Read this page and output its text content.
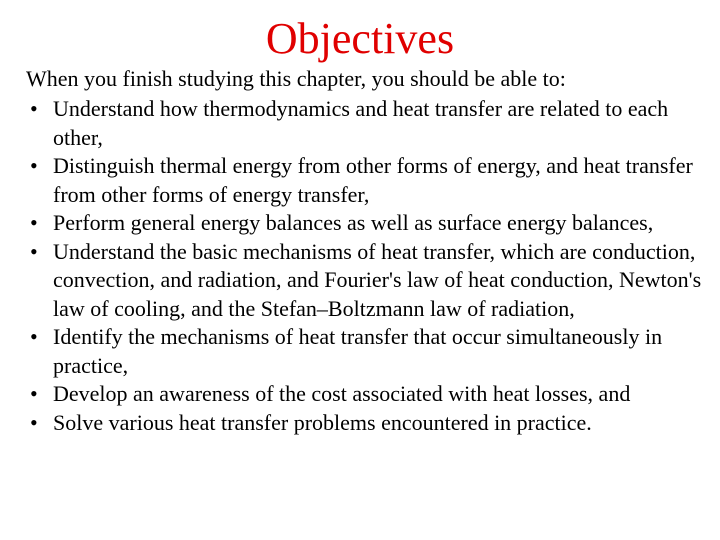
Objectives
When you finish studying this chapter, you should be able to:
• Understand how thermodynamics and heat transfer are related to each other,
• Distinguish thermal energy from other forms of energy, and heat transfer from other forms of energy transfer,
• Perform general energy balances as well as surface energy balances,
• Understand the basic mechanisms of heat transfer, which are conduction, convection, and radiation, and Fourier's law of heat conduction, Newton's law of cooling, and the Stefan–Boltzmann law of radiation,
• Identify the mechanisms of heat transfer that occur simultaneously in practice,
• Develop an awareness of the cost associated with heat losses, and
• Solve various heat transfer problems encountered in practice.
